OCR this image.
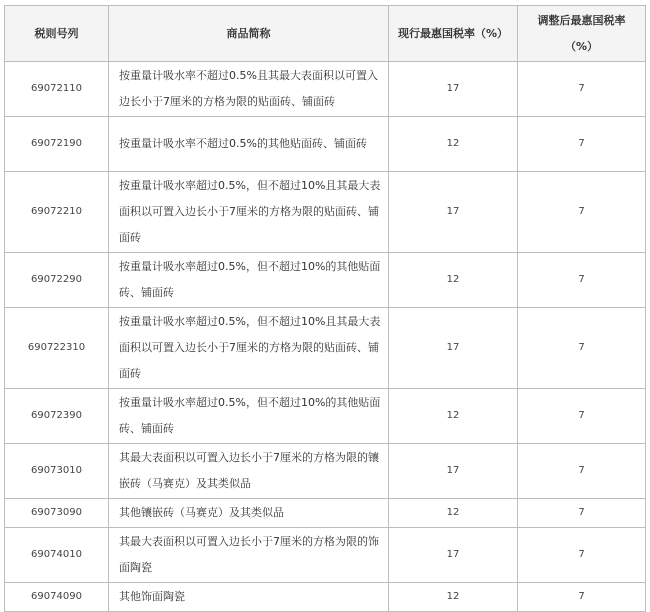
税则号列	商品简称	现行最惠国税率（%）	调整后最惠国税率（%）
69072110	按重量计吸水率不超过0.5%且其最大表面积以可置入边长小于7厘米的方格为限的贴面砖、铺面砖	17	7
69072190	按重量计吸水率不超过0.5%的其他贴面砖、铺面砖	12	7
69072210	按重量计吸水率超过0.5%，但不超过10%且其最大表面积以可置入边长小于7厘米的方格为限的贴面砖、铺面砖	17	7
69072290	按重量计吸水率超过0.5%，但不超过10%的其他贴面砖、铺面砖	12	7
690722310	按重量计吸水率超过0.5%，但不超过10%且其最大表面积以可置入边长小于7厘米的方格为限的贴面砖、铺面砖	17	7
69072390	按重量计吸水率超过0.5%，但不超过10%的其他贴面砖、铺面砖	12	7
69073010	其最大表面积以可置入边长小于7厘米的方格为限的镶嵌砖（马赛克）及其类似品	17	7
69073090	其他镶嵌砖（马赛克）及其类似品	12	7
69074010	其最大表面积以可置入边长小于7厘米的方格为限的饰面陶瓷	17	7
69074090	其他饰面陶瓷	12	7
